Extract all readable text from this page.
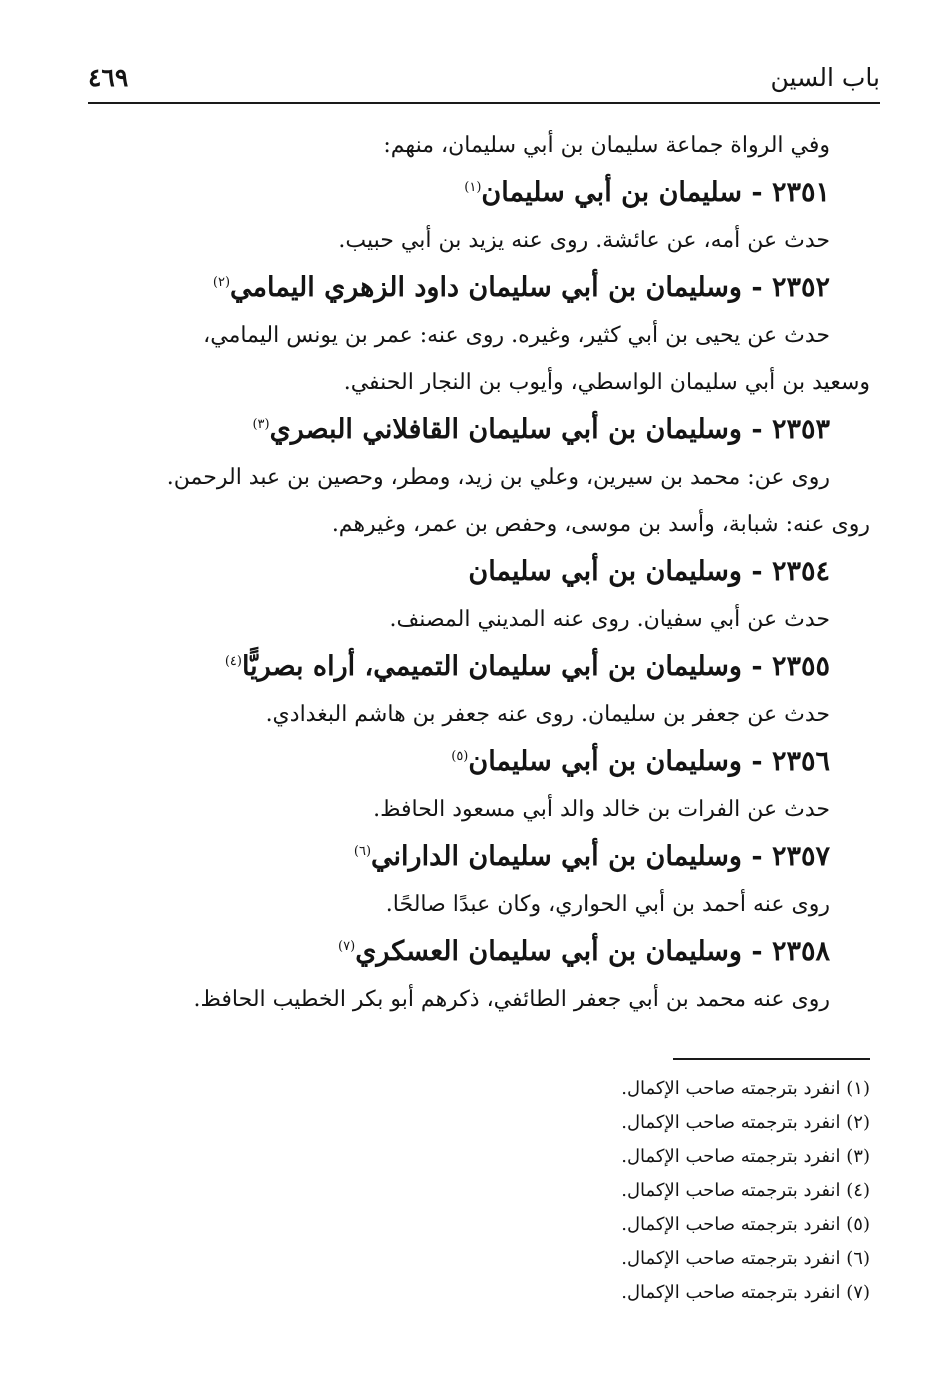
باب السين
٤٦٩

وفي الرواة جماعة سليمان بن أبي سليمان، منهم:

٢٣٥١ - سليمان بن أبي سليمان$^{(١)}$

حدث عن أمه، عن عائشة. روى عنه يزيد بن أبي حبيب.

٢٣٥٢ - وسليمان بن أبي سليمان داود الزهري اليمامي$^{(٢)}$

حدث عن يحيى بن أبي كثير، وغيره. روى عنه: عمر بن يونس اليمامي،
وسعيد بن أبي سليمان الواسطي، وأيوب بن النجار الحنفي.

٢٣٥٣ - وسليمان بن أبي سليمان القافلاني البصري$^{(٣)}$

روى عن: محمد بن سيرين، وعلي بن زيد، ومطر، وحصين بن عبد الرحمن.
روى عنه: شبابة، وأسد بن موسى، وحفص بن عمر، وغيرهم.

٢٣٥٤ - وسليمان بن أبي سليمان

حدث عن أبي سفيان. روى عنه المديني المصنف.

٢٣٥٥ - وسليمان بن أبي سليمان التميمي، أراه بصريًّا$^{(٤)}$

حدث عن جعفر بن سليمان. روى عنه جعفر بن هاشم البغدادي.

٢٣٥٦ - وسليمان بن أبي سليمان$^{(٥)}$

حدث عن الفرات بن خالد والد أبي مسعود الحافظ.

٢٣٥٧ - وسليمان بن أبي سليمان الداراني$^{(٦)}$

روى عنه أحمد بن أبي الحواري، وكان عبدًا صالحًا.

٢٣٥٨ - وسليمان بن أبي سليمان العسكري$^{(٧)}$

روى عنه محمد بن أبي جعفر الطائفي، ذكرهم أبو بكر الخطيب الحافظ.

(١) انفرد بترجمته صاحب الإكمال.

(٢) انفرد بترجمته صاحب الإكمال.

(٣) انفرد بترجمته صاحب الإكمال.

(٤) انفرد بترجمته صاحب الإكمال.

(٥) انفرد بترجمته صاحب الإكمال.

(٦) انفرد بترجمته صاحب الإكمال.

(٧) انفرد بترجمته صاحب الإكمال.
